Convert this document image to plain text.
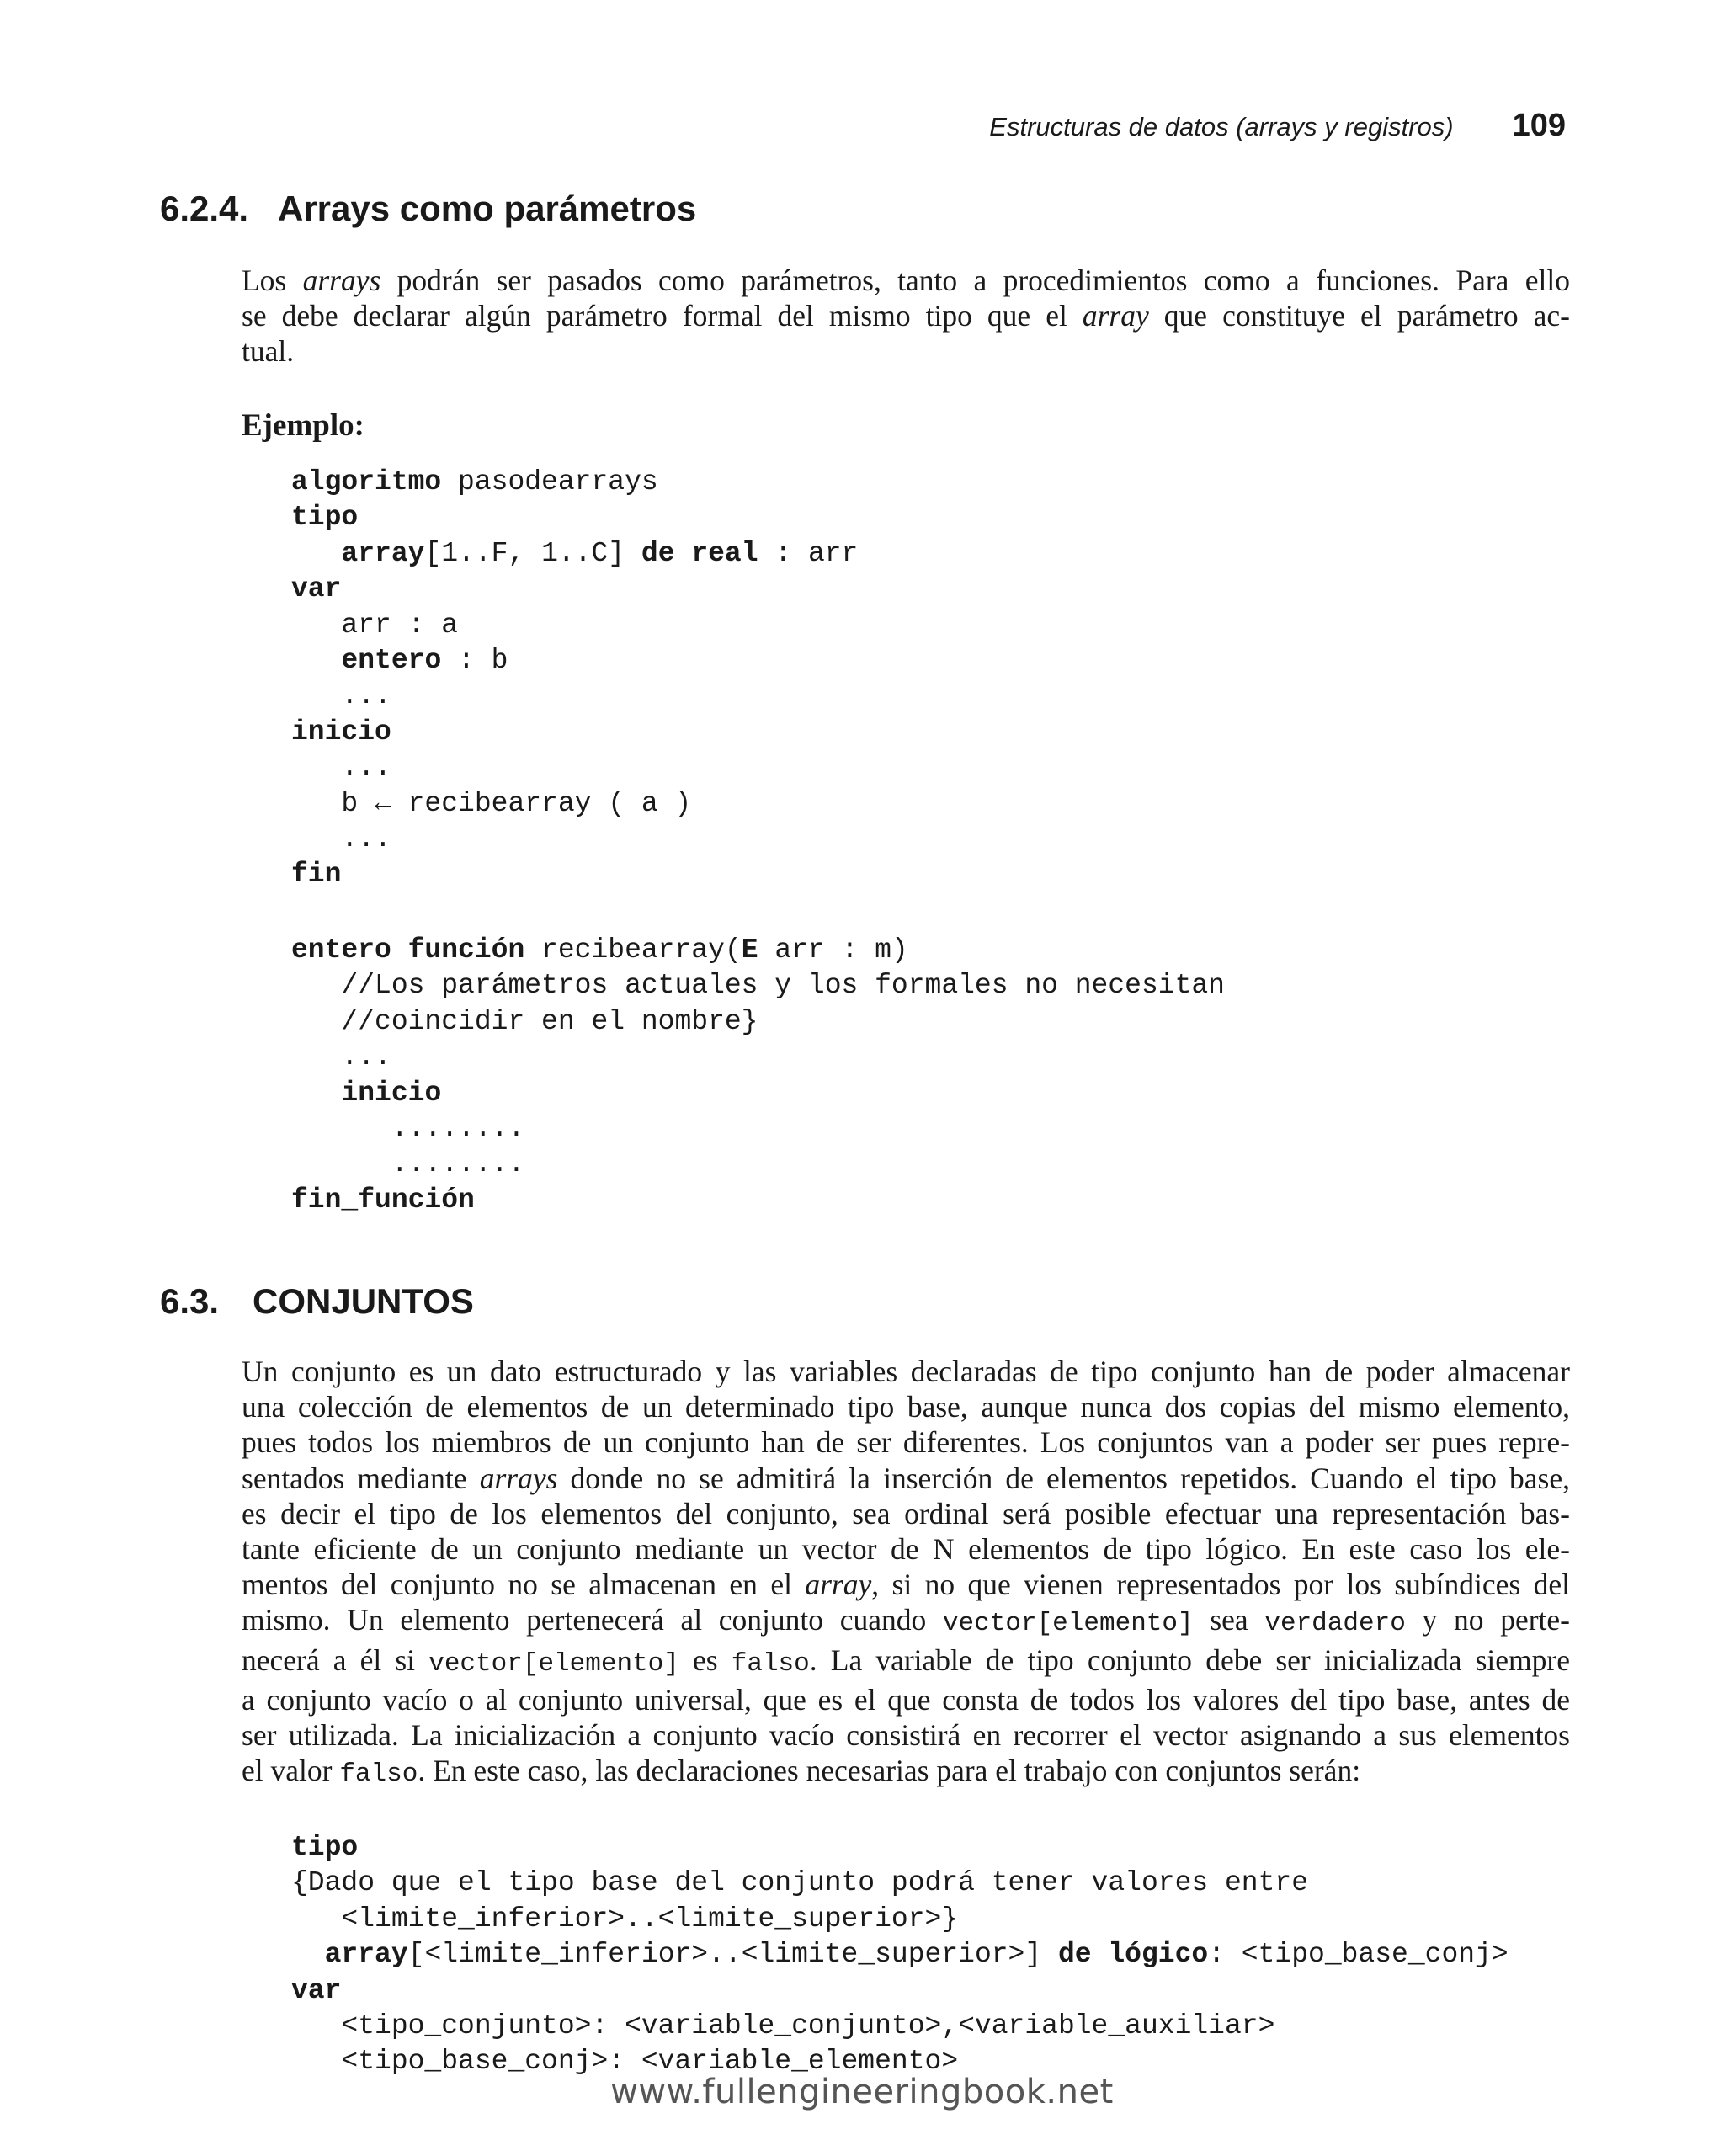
Estructuras de datos (arrays y registros) 109
6.2.4. Arrays como parámetros
Los arrays podrán ser pasados como parámetros, tanto a procedimientos como a funciones. Para ello
se debe declarar algún parámetro formal del mismo tipo que el array que constituye el parámetro ac-
tual.
Ejemplo:
algoritmo pasodearrays
tipo
array[1..F, 1..C] de real : arr
var
arr : a
entero : b
...
inicio
...
b ← recibearray ( a )
...
fin
entero función recibearray(E arr : m)
//Los parámetros actuales y los formales no necesitan
//coincidir en el nombre}
...
inicio
........
........
fin_función
6.3. CONJUNTOS
Un conjunto es un dato estructurado y las variables declaradas de tipo conjunto han de poder almacenar
una colección de elementos de un determinado tipo base, aunque nunca dos copias del mismo elemento,
pues todos los miembros de un conjunto han de ser diferentes. Los conjuntos van a poder ser pues repre-
sentados mediante arrays donde no se admitirá la inserción de elementos repetidos. Cuando el tipo base,
es decir el tipo de los elementos del conjunto, sea ordinal será posible efectuar una representación bas-
tante eficiente de un conjunto mediante un vector de N elementos de tipo lógico. En este caso los ele-
mentos del conjunto no se almacenan en el array, si no que vienen representados por los subíndices del
mismo. Un elemento pertenecerá al conjunto cuando vector[elemento] sea verdadero y no perte-
necerá a él si vector[elemento] es falso. La variable de tipo conjunto debe ser inicializada siempre
a conjunto vacío o al conjunto universal, que es el que consta de todos los valores del tipo base, antes de
ser utilizada. La inicialización a conjunto vacío consistirá en recorrer el vector asignando a sus elementos
el valor falso. En este caso, las declaraciones necesarias para el trabajo con conjuntos serán:
tipo
{Dado que el tipo base del conjunto podrá tener valores entre
<limite_inferior>..<limite_superior>}
array[<limite_inferior>..<limite_superior>] de lógico: <tipo_base_conj>
var
<tipo_conjunto>: <variable_conjunto>,<variable_auxiliar>
<tipo_base_conj>: <variable_elemento>
www.fullengineeringbook.net
